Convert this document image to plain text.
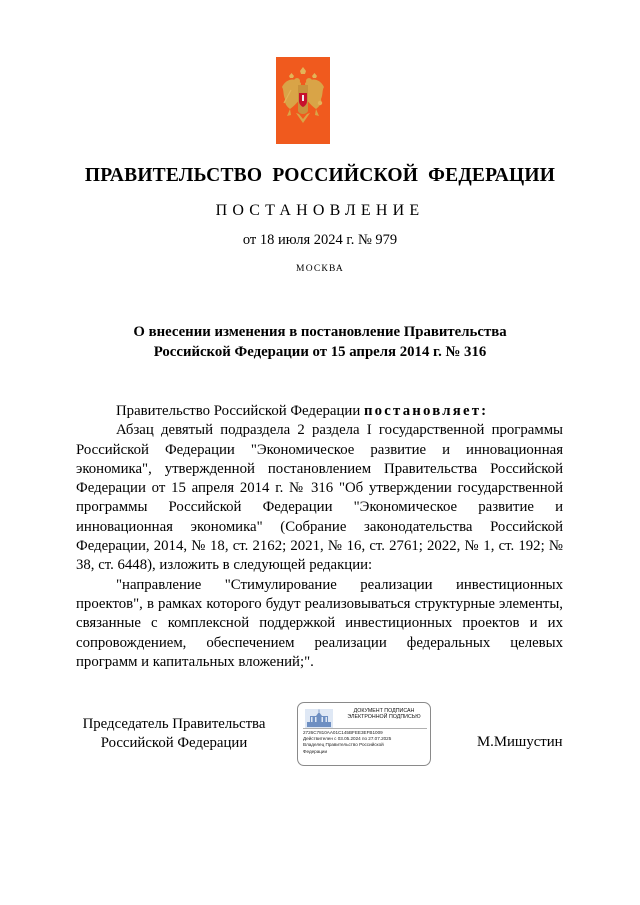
ПРАВИТЕЛЬСТВО РОССИЙСКОЙ ФЕДЕРАЦИИ
ПОСТАНОВЛЕНИЕ
от 18 июля 2024 г. № 979
МОСКВА
О внесении изменения в постановление Правительства
Российской Федерации от 15 апреля 2014 г. № 316

Правительство Российской Федерации постановляет:

Абзац девятый подраздела 2 раздела I государственной программы Российской Федерации "Экономическое развитие и инновационная экономика", утвержденной постановлением Правительства Российской Федерации от 15 апреля 2014 г. № 316 "Об утверждении государственной программы Российской Федерации "Экономическое развитие и инновационная экономика" (Собрание законодательства Российской Федерации, 2014, № 18, ст. 2162; 2021, № 16, ст. 2761; 2022, № 1, ст. 192; № 38, ст. 6448), изложить в следующей редакции:

"направление "Стимулирование реализации инвестиционных проектов", в рамках которого будут реализовываться структурные элементы, связанные с комплексной поддержкой инвестиционных проектов и их сопровождением, обеспечением реализации федеральных целевых программ и капитальных вложений;".

Председатель Правительства
Российской Федерации
ДОКУМЕНТ ПОДПИСАН
ЭЛЕКТРОННОЙ ПОДПИСЬЮ
2726C7810AA01C145BFEE3EFB1009
Действителен с 03.05.2024 по 27.07.2025
Владелец Правительство Российской
Федерации
М.Мишустин
